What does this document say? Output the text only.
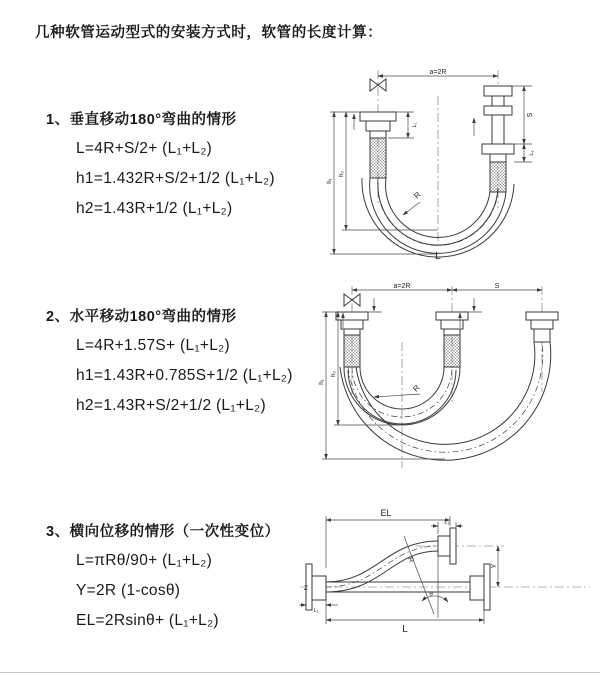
几种软管运动型式的安装方式时，软管的长度计算：
1、垂直移动180°弯曲的情形
L=4R+S/2+ (L₁+L₂)
h1=1.432R+S/2+1/2 (L₁+L₂)
h2=1.43R+1/2 (L₁+L₂)
2、水平移动180°弯曲的情形
L=4R+1.57S+ (L₁+L₂)
h1=1.43R+0.785S+1/2 (L₁+L₂)
h2=1.43R+S/2+1/2 (L₁+L₂)
3、横向位移的情形（一次性变位）
L=πRθ/90+ (L₁+L₂)
Y=2R (1-cosθ)
EL=2Rsinθ+ (L₁+L₂)
a=2R
S
L₂
h₁
h₂
L₁
R
L
a=2R	S
h₁
h₂
R
EL
L₂
Y
R
θ
L
L₁
Z
